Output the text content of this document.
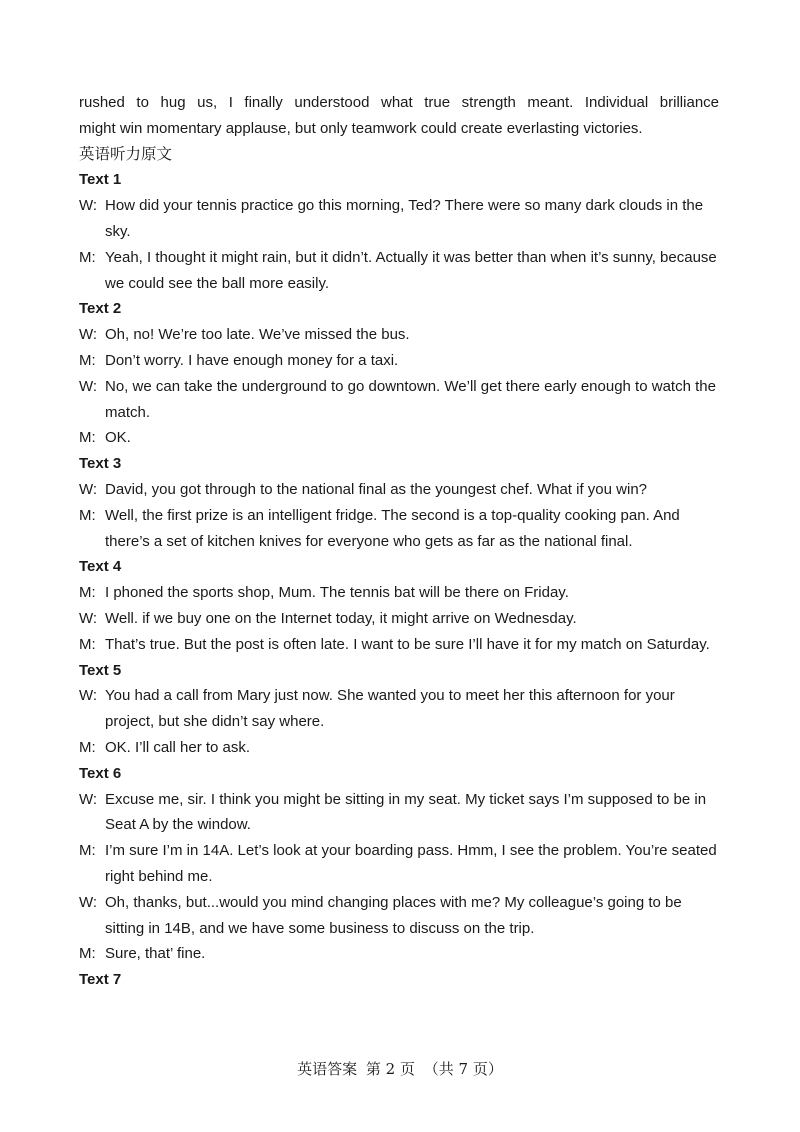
rushed to hug us, I finally understood what true strength meant. Individual brilliance

might win momentary applause, but only teamwork could create everlasting victories.

英语听力原文

Text 1

W: How did your tennis practice go this morning, Ted? There were so many dark clouds in the sky.

M: Yeah, I thought it might rain, but it didn’t. Actually it was better than when it’s sunny, because we could see the ball more easily.

Text 2

W: Oh, no! We’re too late. We’ve missed the bus.

M: Don’t worry. I have enough money for a taxi.

W: No, we can take the underground to go downtown. We’ll get there early enough to watch the match.

M: OK.

Text 3

W: David, you got through to the national final as the youngest chef. What if you win?

M: Well, the first prize is an intelligent fridge. The second is a top-quality cooking pan. And there’s a set of kitchen knives for everyone who gets as far as the national final.

Text 4

M: I phoned the sports shop, Mum. The tennis bat will be there on Friday.

W: Well. if we buy one on the Internet today, it might arrive on Wednesday.

M: That’s true. But the post is often late. I want to be sure I’ll have it for my match on Saturday.

Text 5

W: You had a call from Mary just now. She wanted you to meet her this afternoon for your project, but she didn’t say where.

M: OK. I’ll call her to ask.

Text 6

W: Excuse me, sir. I think you might be sitting in my seat. My ticket says I’m supposed to be in Seat A by the window.

M: I’m sure I’m in 14A. Let’s look at your boarding pass. Hmm, I see the problem. You’re seated right behind me.

W: Oh, thanks, but...would you mind changing places with me? My colleague’s going to be sitting in 14B, and we have some business to discuss on the trip.

M: Sure, that’ fine.

Text 7

英语答案 第 2 页 （共 7 页）
